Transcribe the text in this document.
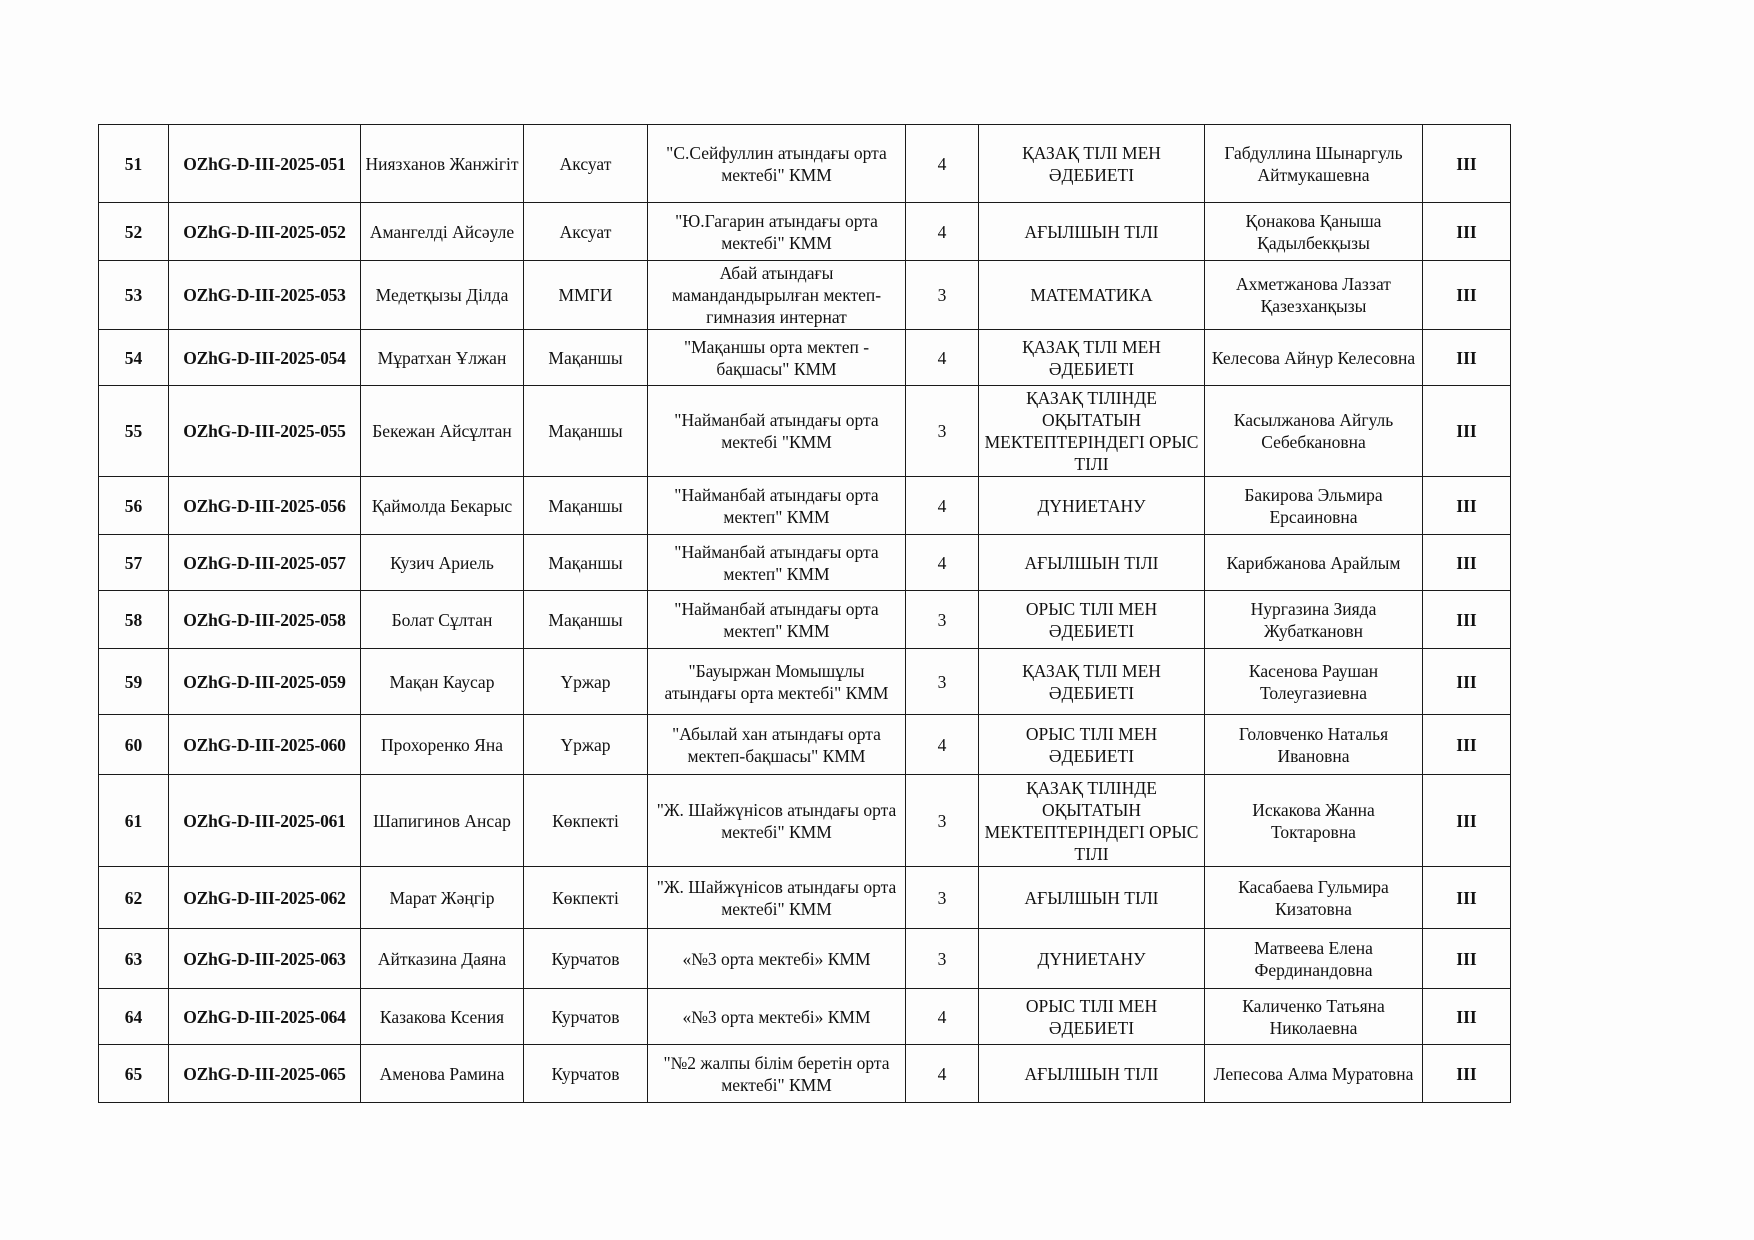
51	OZhG-D-III-2025-051	Ниязханов Жанжігіт	Аксуат	"С.Сейфуллин атындағы орта мектебі" КММ	4	ҚАЗАҚ ТІЛІ МЕН ӘДЕБИЕТІ	Габдуллина Шынаргуль Айтмукашевна	III
52	OZhG-D-III-2025-052	Амангелді Айсәуле	Аксуат	"Ю.Гагарин атындағы орта мектебі" КММ	4	АҒЫЛШЫН ТІЛІ	Қонакова Қаныша Қадылбекқызы	III
53	OZhG-D-III-2025-053	Медетқызы Ділда	ММГИ	Абай атындағы мамандандырылған мектеп-гимназия интернат	3	МАТЕМАТИКА	Ахметжанова Лаззат Қазезханқызы	III
54	OZhG-D-III-2025-054	Мұратхан Ұлжан	Мақаншы	"Мақаншы орта мектеп - бақшасы" КММ	4	ҚАЗАҚ ТІЛІ МЕН ӘДЕБИЕТІ	Келесова Айнур Келесовна	III
55	OZhG-D-III-2025-055	Бекежан Айсұлтан	Мақаншы	"Найманбай атындағы орта мектебі "КММ	3	ҚАЗАҚ ТІЛІНДЕ ОҚЫТАТЫН МЕКТЕПТЕРІНДЕГІ ОРЫС ТІЛІ	Касылжанова Айгуль Себебкановна	III
56	OZhG-D-III-2025-056	Қаймолда Бекарыс	Мақаншы	"Найманбай атындағы орта мектеп" КММ	4	ДҮНИЕТАНУ	Бакирова Эльмира Ерсаиновна	III
57	OZhG-D-III-2025-057	Кузич Ариель	Мақаншы	"Найманбай атындағы орта мектеп" КММ	4	АҒЫЛШЫН ТІЛІ	Карибжанова Арайлым	III
58	OZhG-D-III-2025-058	Болат Сұлтан	Мақаншы	"Найманбай атындағы орта мектеп" КММ	3	ОРЫС ТІЛІ МЕН ӘДЕБИЕТІ	Нургазина Зияда Жубаткановн	III
59	OZhG-D-III-2025-059	Мақан Каусар	Үржар	"Бауыржан Момышұлы атындағы орта мектебі" КММ	3	ҚАЗАҚ ТІЛІ МЕН ӘДЕБИЕТІ	Касенова Раушан Толеугазиевна	III
60	OZhG-D-III-2025-060	Прохоренко Яна	Үржар	"Абылай хан атындағы орта мектеп-бақшасы" КММ	4	ОРЫС ТІЛІ МЕН ӘДЕБИЕТІ	Головченко Наталья Ивановна	III
61	OZhG-D-III-2025-061	Шапигинов Ансар	Көкпекті	"Ж. Шайжүнісов атындағы орта мектебі" КММ	3	ҚАЗАҚ ТІЛІНДЕ ОҚЫТАТЫН МЕКТЕПТЕРІНДЕГІ ОРЫС ТІЛІ	Искакова Жанна Токтаровна	III
62	OZhG-D-III-2025-062	Марат Жәңгір	Көкпекті	"Ж. Шайжүнісов атындағы орта мектебі" КММ	3	АҒЫЛШЫН ТІЛІ	Касабаева Гульмира Кизатовна	III
63	OZhG-D-III-2025-063	Айтказина Даяна	Курчатов	«№3 орта мектебі» КММ	3	ДҮНИЕТАНУ	Матвеева Елена Фердинандовна	III
64	OZhG-D-III-2025-064	Казакова Ксения	Курчатов	«№3 орта мектебі» КММ	4	ОРЫС ТІЛІ МЕН ӘДЕБИЕТІ	Каличенко Татьяна Николаевна	III
65	OZhG-D-III-2025-065	Аменова Рамина	Курчатов	"№2 жалпы білім беретін орта мектебі" КММ	4	АҒЫЛШЫН ТІЛІ	Лепесова Алма Муратовна	III
